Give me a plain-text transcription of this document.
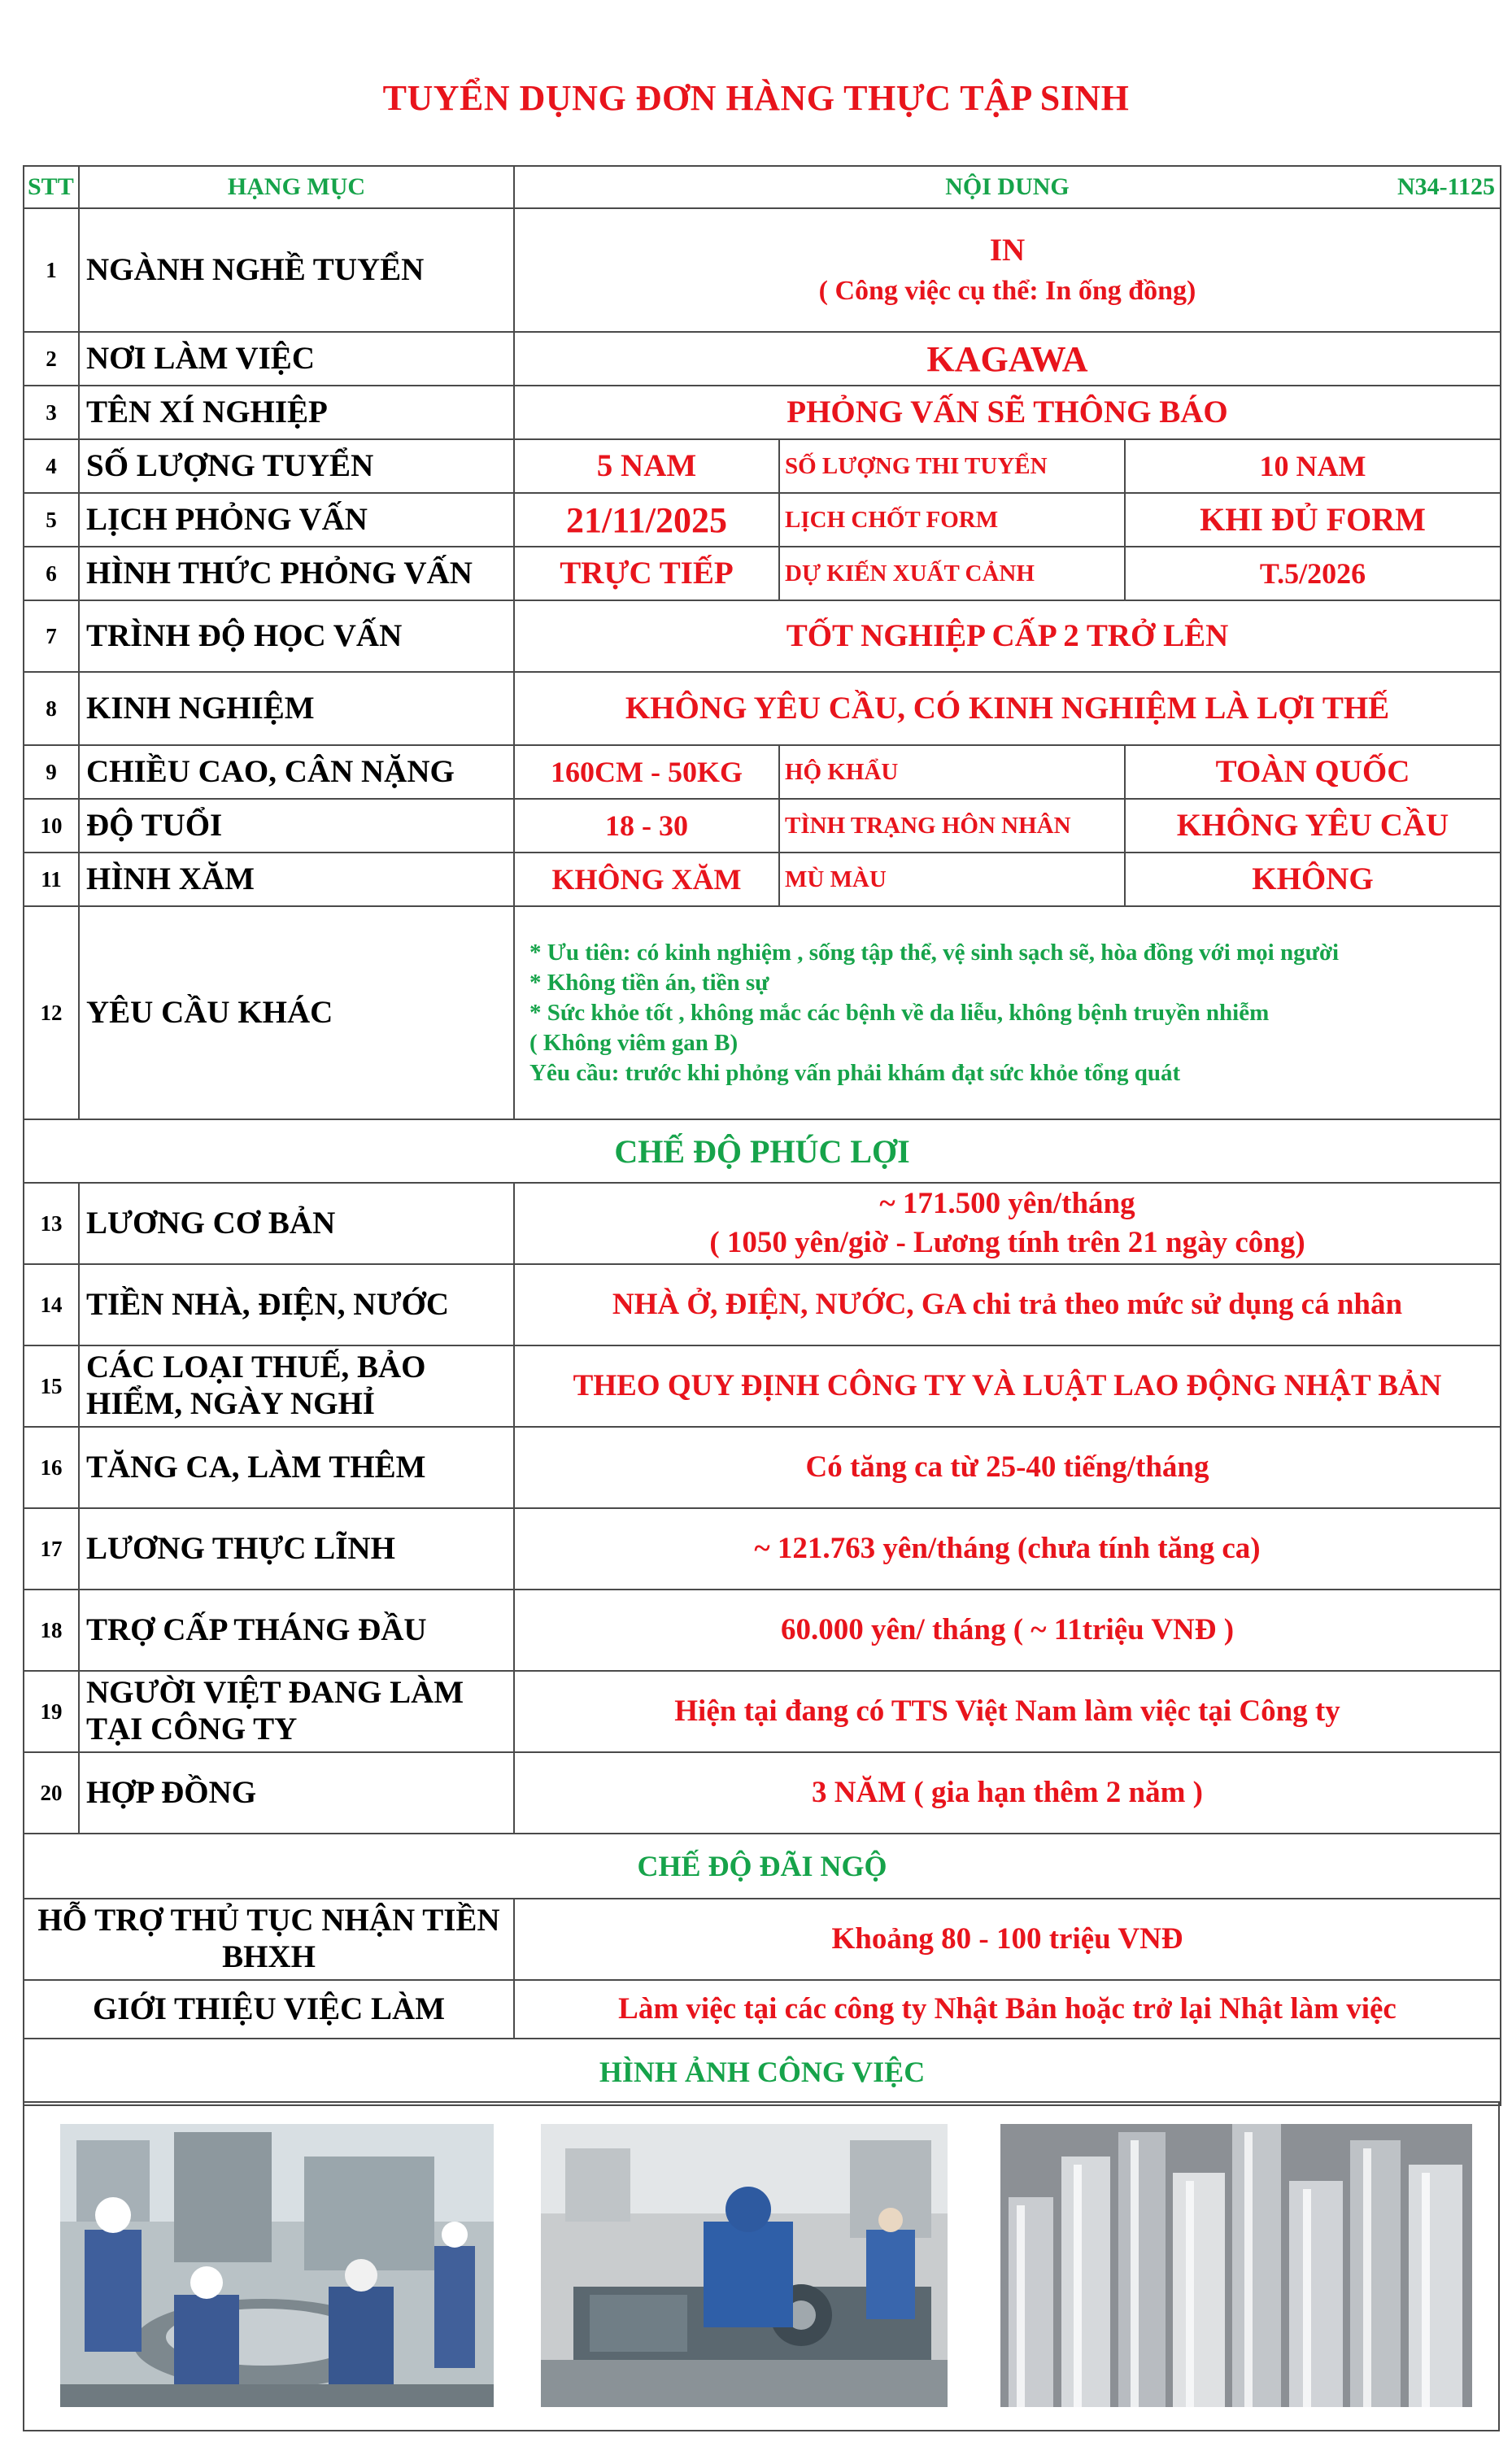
TUYỂN DỤNG ĐƠN HÀNG THỰC TẬP SINH
STT	HẠNG MỤC	NỘI DUNG N34-1125		

1	NGÀNH NGHỀ TUYỂN	IN
( Công việc cụ thể: In ống đồng)		

2	NƠI LÀM VIỆC	KAGAWA		
3	TÊN XÍ NGHIỆP	PHỎNG VẤN SẼ THÔNG BÁO		
4	SỐ LƯỢNG TUYỂN	5 NAM	SỐ LƯỢNG THI TUYỂN	10 NAM
5	LỊCH PHỎNG VẤN	21/11/2025	LỊCH CHỐT FORM	KHI ĐỦ FORM
6	HÌNH THỨC PHỎNG VẤN	TRỰC TIẾP	DỰ KIẾN XUẤT CẢNH	T.5/2026
7	TRÌNH ĐỘ HỌC VẤN	TỐT NGHIỆP CẤP 2 TRỞ LÊN		
8	KINH NGHIỆM	KHÔNG YÊU CẦU, CÓ KINH NGHIỆM LÀ LỢI THẾ		
9	CHIỀU CAO, CÂN NẶNG	160CM - 50KG	HỘ KHẨU	TOÀN QUỐC
10	ĐỘ TUỔI	18 - 30	TÌNH TRẠNG HÔN NHÂN	KHÔNG YÊU CẦU
11	HÌNH XĂM	KHÔNG XĂM	MÙ MÀU	KHÔNG
12	YÊU CẦU KHÁC	* Ưu tiên: có kinh nghiệm , sống tập thể, vệ sinh sạch sẽ, hòa đồng với mọi người
* Không tiền án, tiền sự
* Sức khỏe tốt , không mắc các bệnh về da liễu, không bệnh truyền nhiễm
( Không viêm gan B)
Yêu cầu: trước khi phỏng vấn phải khám đạt sức khỏe tổng quát		

CHẾ ĐỘ PHÚC LỢI				
13	LƯƠNG CƠ BẢN	~ 171.500 yên/tháng
( 1050 yên/giờ - Lương tính trên 21 ngày công)		

14	TIỀN NHÀ, ĐIỆN, NƯỚC	NHÀ Ở, ĐIỆN, NƯỚC, GA chi trả theo mức sử dụng cá nhân		
15	CÁC LOẠI THUẾ, BẢO HIỂM, NGÀY NGHỈ	THEO QUY ĐỊNH CÔNG TY VÀ LUẬT LAO ĐỘNG NHẬT BẢN		
16	TĂNG CA, LÀM THÊM	Có tăng ca từ 25-40 tiếng/tháng		
17	LƯƠNG THỰC LĨNH	~ 121.763 yên/tháng (chưa tính tăng ca)		
18	TRỢ CẤP THÁNG ĐẦU	60.000 yên/ tháng ( ~ 11triệu VNĐ )		
19	NGƯỜI VIỆT ĐANG LÀM TẠI CÔNG TY	Hiện tại đang có TTS Việt Nam làm việc tại Công ty		
20	HỢP ĐỒNG	3 NĂM ( gia hạn thêm 2 năm )		
CHẾ ĐỘ ĐÃI NGỘ				
HỖ TRỢ THỦ TỤC NHẬN TIỀN BHXH		Khoảng 80 - 100 triệu VNĐ		
GIỚI THIỆU VIỆC LÀM		Làm việc tại các công ty Nhật Bản hoặc trở lại Nhật làm việc		
HÌNH ẢNH CÔNG VIỆC				
